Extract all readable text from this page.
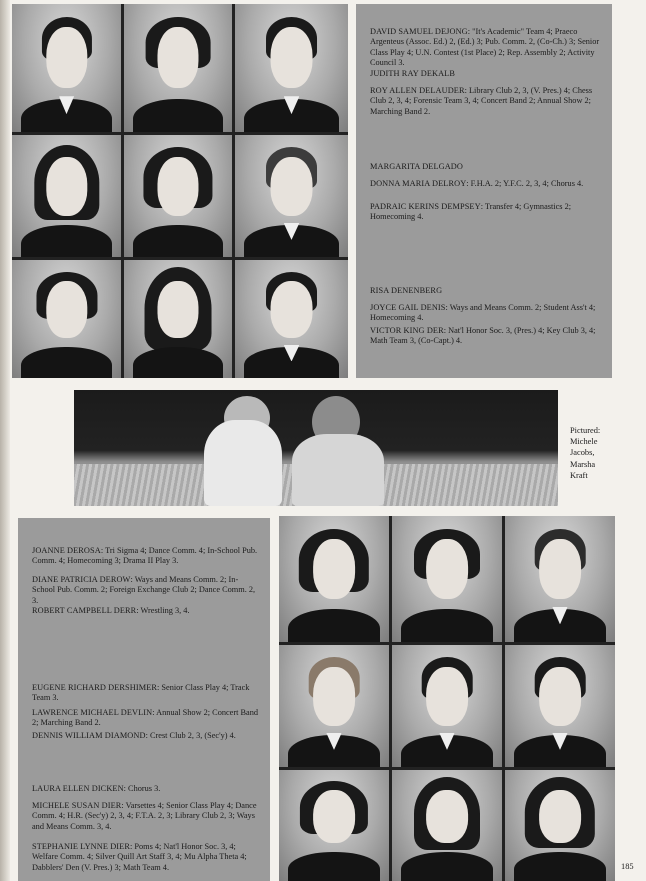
DAVID SAMUEL DEJONG: "It's Academic" Team 4; Praeco Argenteus (Assoc. Ed.) 2, (Ed.) 3; Pub. Comm. 2, (Co-Ch.) 3; Senior Class Play 4; U.N. Contest (1st Place) 2; Rep. Assembly 2; Activity Council 3.

JUDITH RAY DEKALB

ROY ALLEN DELAUDER: Library Club 2, 3, (V. Pres.) 4; Chess Club 2, 3, 4; Forensic Team 3, 4; Concert Band 2; Annual Show 2; Marching Band 2.

MARGARITA DELGADO

DONNA MARIA DELROY: F.H.A. 2; Y.F.C. 2, 3, 4; Chorus 4.

PADRAIC KERINS DEMPSEY: Transfer 4; Gymnastics 2; Homecoming 4.

RISA DENENBERG

JOYCE GAIL DENIS: Ways and Means Comm. 2; Student Ass't 4; Homecoming 4.

VICTOR KING DER: Nat'l Honor Soc. 3, (Pres.) 4; Key Club 3, 4; Math Team 3, (Co-Capt.) 4.

Pictured:
Michele
Jacobs,
Marsha
Kraft

JOANNE DEROSA: Tri Sigma 4; Dance Comm. 4; In-School Pub. Comm. 4; Homecoming 3; Drama II Play 3.

DIANE PATRICIA DEROW: Ways and Means Comm. 2; In-School Pub. Comm. 2; Foreign Exchange Club 2; Dance Comm. 2, 3.

ROBERT CAMPBELL DERR: Wrestling 3, 4.

EUGENE RICHARD DERSHIMER: Senior Class Play 4; Track Team 3.

LAWRENCE MICHAEL DEVLIN: Annual Show 2; Concert Band 2; Marching Band 2.

DENNIS WILLIAM DIAMOND: Crest Club 2, 3, (Sec'y) 4.

LAURA ELLEN DICKEN: Chorus 3.

MICHELE SUSAN DIER: Varsettes 4; Senior Class Play 4; Dance Comm. 4; H.R. (Sec'y) 2, 3, 4; F.T.A. 2, 3; Library Club 2, 3; Ways and Means Comm. 3, 4.

STEPHANIE LYNNE DIER: Poms 4; Nat'l Honor Soc. 3, 4; Welfare Comm. 4; Silver Quill Art Staff 3, 4; Mu Alpha Theta 4; Dabblers' Den (V. Pres.) 3; Math Team 4.	185
